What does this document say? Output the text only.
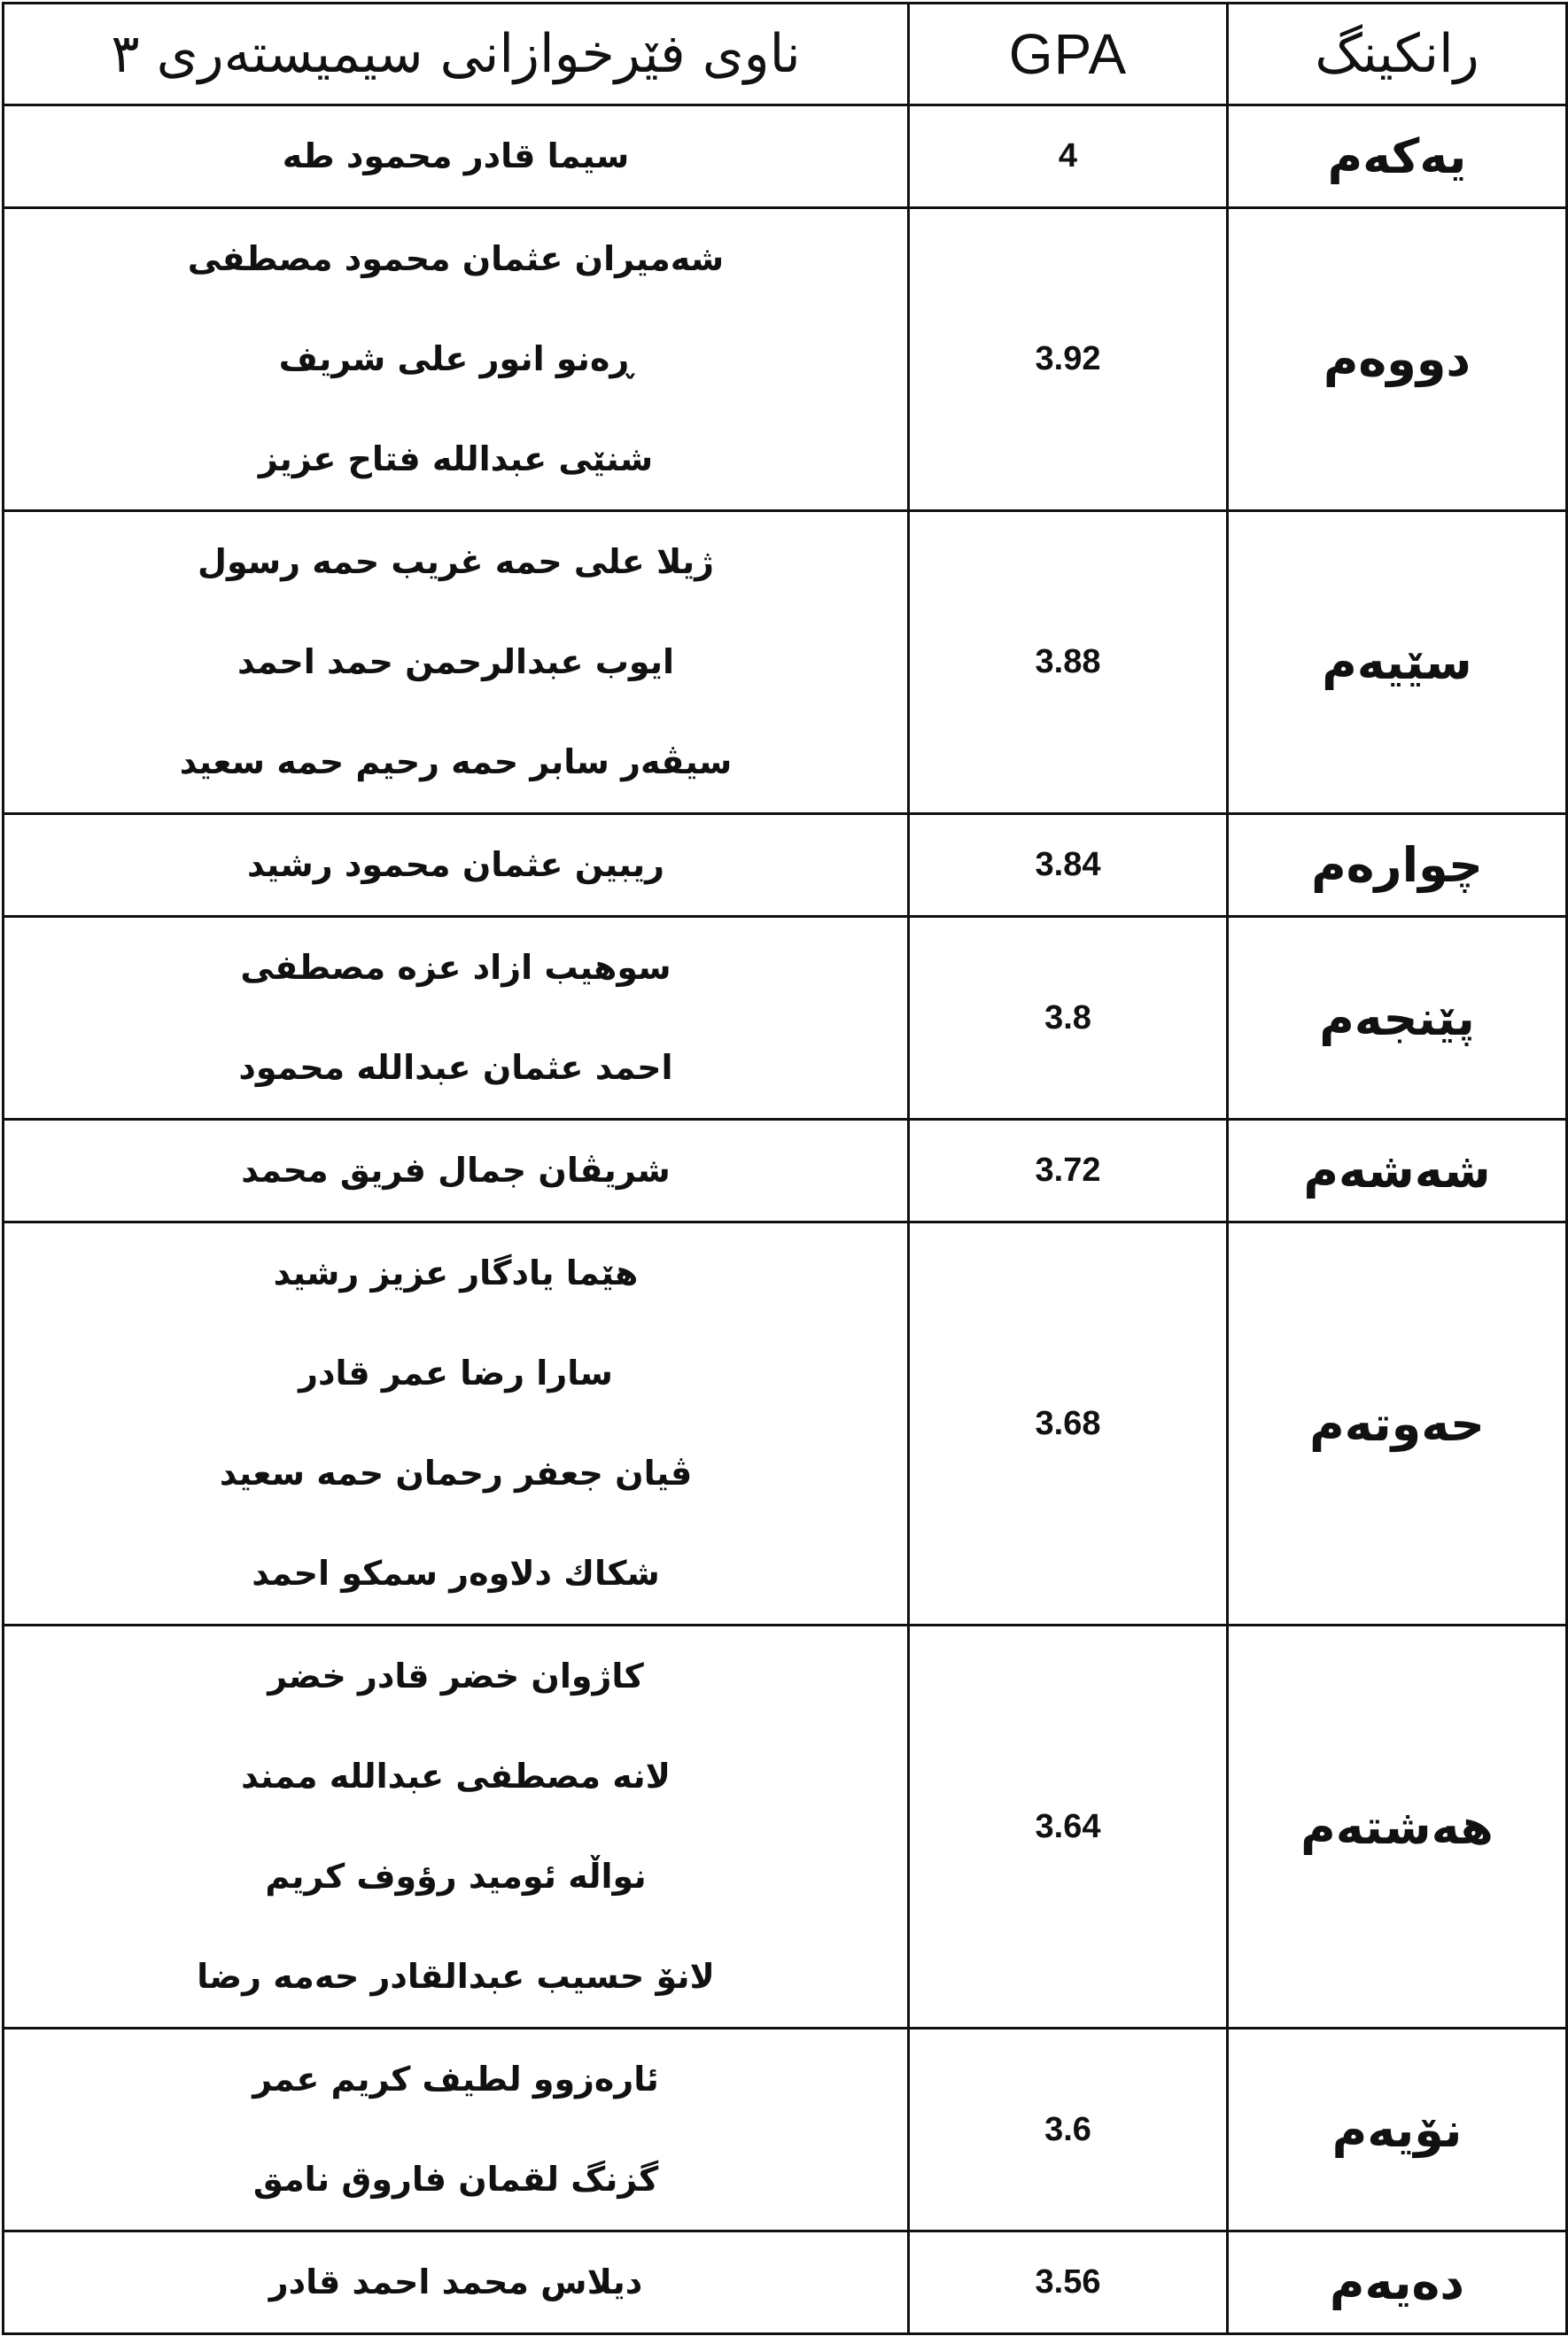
ناوی فێرخوازانی سیمیستەری ٣	GPA	رانكینگ

سیما قادر محمود طه	4	یەکەم

شەمیران عثمان محمود مصطفی
ڕەنو انور علی شریف
شنێی عبدالله فتاح عزیز	3.92	دووەم

ژیلا علی حمه غریب حمه رسول
ایوب عبدالرحمن حمد احمد
سیڤەر سابر حمه رحیم حمه سعید	3.88	سێیەم

ریبین عثمان محمود رشید	3.84	چوارەم

سوهیب ازاد عزه مصطفی
احمد عثمان عبدالله محمود	3.8	پێنجەم

شریڤان جمال فریق محمد	3.72	شەشەم

هێما یادگار عزیز رشید
سارا رضا عمر قادر
ڤیان جعفر رحمان حمه سعید
شکاك دلاوەر سمکو احمد	3.68	حەوتەم

کاژوان خضر قادر خضر
لانه مصطفی عبدالله ممند
نواڵە ئومید رؤوف کریم
لانۆ حسیب عبدالقادر حەمه رضا	3.64	هەشتەم

ئارەزوو لطیف کریم عمر
گزنگ لقمان فاروق نامق	3.6	نۆیەم

دیلاس محمد احمد قادر	3.56	دەیەم
